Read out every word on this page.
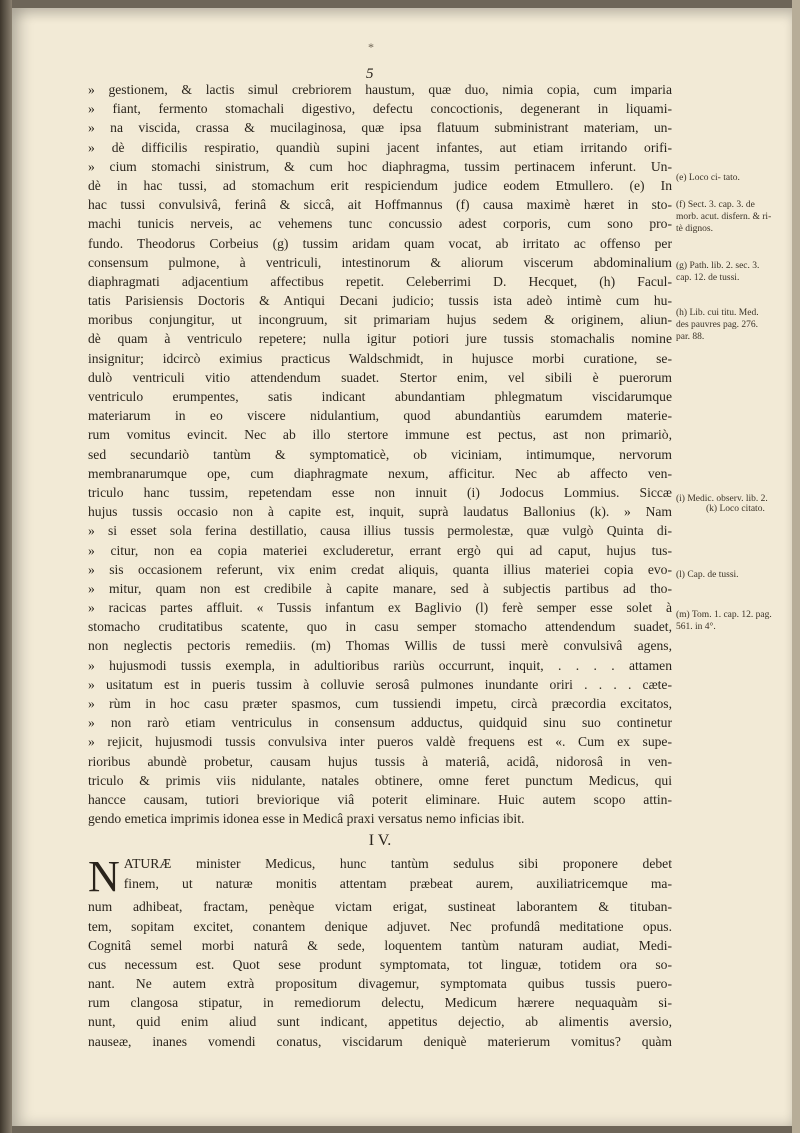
*
5
» gestionem, & lactis simul crebriorem haustum, quæ duo, nimia copia, cum imparia
» fiant, fermento stomachali digestivo, defectu concoctionis, degenerant in liquami-
» na viscida, crassa & mucilaginosa, quæ ipsa flatuum subministrant materiam, un-
» dè difficilis respiratio, quandiù supini jacent infantes, aut etiam irritando orifi-
» cium stomachi sinistrum, & cum hoc diaphragma, tussim pertinacem inferunt. Un-
dè in hac tussi, ad stomachum erit respiciendum judice eodem Etmullero. (e) In
hac tussi convulsivâ, ferinâ & siccâ, ait Hoffmannus (f) causa maximè hæret in sto-
machi tunicis nerveis, ac vehemens tunc concussio adest corporis, cum sono pro-
fundo. Theodorus Corbeius (g) tussim aridam quam vocat, ab irritato ac offenso per
consensum pulmone, à ventriculi, intestinorum & aliorum viscerum abdominalium
diaphragmati adjacentium affectibus repetit. Celeberrimi D. Hecquet, (h) Facul-
tatis Parisiensis Doctoris & Antiqui Decani judicio; tussis ista adeò intimè cum hu-
moribus conjungitur, ut incongruum, sit primariam hujus sedem & originem, aliun-
dè quam à ventriculo repetere; nulla igitur potiori jure tussis stomachalis nomine
insignitur; idcircò eximius practicus Waldschmidt, in hujusce morbi curatione, se-
dulò ventriculi vitio attendendum suadet. Stertor enim, vel sibili è puerorum
ventriculo erumpentes, satis indicant abundantiam phlegmatum viscidarumque
materiarum in eo viscere nidulantium, quod abundantiùs earumdem materie-
rum vomitus evincit. Nec ab illo stertore immune est pectus, ast non primariò,
sed secundariò tantùm & symptomaticè, ob viciniam, intimumque, nervorum
membranarumque ope, cum diaphragmate nexum, afficitur. Nec ab affecto ven-
triculo hanc tussim, repetendam esse non innuit (i) Jodocus Lommius. Siccæ
hujus tussis occasio non à capite est, inquit, suprà laudatus Ballonius (k). » Nam
» si esset sola ferina destillatio, causa illius tussis permolestæ, quæ vulgò Quinta di-
» citur, non ea copia materiei excluderetur, errant ergò qui ad caput, hujus tus-
» sis occasionem referunt, vix enim credat aliquis, quanta illius materiei copia evo-
» mitur, quam non est credibile à capite manare, sed à subjectis partibus ad tho-
» racicas partes affluit. « Tussis infantum ex Baglivio (l) ferè semper esse solet à
stomacho cruditatibus scatente, quo in casu semper stomacho attendendum suadet,
non neglectis pectoris remediis. (m) Thomas Willis de tussi merè convulsivâ agens,
» hujusmodi tussis exempla, in adultioribus rariùs occurrunt, inquit, . . . . attamen
» usitatum est in pueris tussim à colluvie serosâ pulmones inundante oriri . . . . cæte-
» rùm in hoc casu præter spasmos, cum tussiendi impetu, circà præcordia excitatos,
» non rarò etiam ventriculus in consensum adductus, quidquid sinu suo continetur
» rejicit, hujusmodi tussis convulsiva inter pueros valdè frequens est «. Cum ex supe-
rioribus abundè probetur, causam hujus tussis à materiâ, acidâ, nidorosâ in ven-
triculo & primis viis nidulante, natales obtinere, omne feret punctum Medicus, qui
hancce causam, tutiori breviorique viâ poterit eliminare. Huic autem scopo attin-
gendo emetica imprimis idonea esse in Medicâ praxi versatus nemo inficias ibit.
I V.
N ATURÆ minister Medicus, hunc tantùm sedulus sibi proponere debet
finem, ut naturæ monitis attentam præbeat aurem, auxiliatricemque ma-
num adhibeat, fractam, penèque victam erigat, sustineat laborantem & tituban-
tem, sopitam excitet, conantem denique adjuvet. Nec profundâ meditatione opus.
Cognitâ semel morbi naturâ & sede, loquentem tantùm naturam audiat, Medi-
cus necessum est. Quot sese produnt symptomata, tot linguæ, totidem ora so-
nant. Ne autem extrà propositum divagemur, symptomata quibus tussis puero-
rum clangosa stipatur, in remediorum delectu, Medicum hærere nequaquàm si-
nunt, quid enim aliud sunt indicant, appetitus dejectio, ab alimentis aversio,
nauseæ, inanes vomendi conatus, viscidarum deniquè materierum vomitus? quàm
(e) Loco ci- tato.
(f) Sect. 3. cap. 3. de morb. acut. disfern. & ri- tè dignos.
(g) Path. lib. 2. sec. 3. cap. 12. de tussi.
(h) Lib. cui titu. Med. des pauvres pag. 276. par. 88.
(i) Medic. observ. lib. 2.
(k) Loco citato.
(l) Cap. de tussi.
(m) Tom. 1. cap. 12. pag. 561. in 4°.
